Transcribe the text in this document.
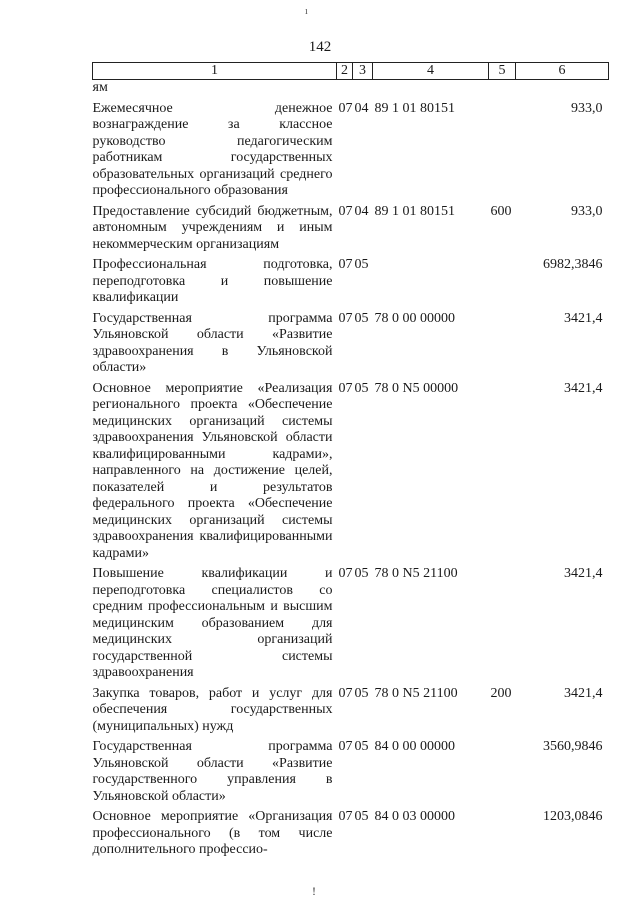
ı
142
1	2	3	4	5	6
ям					
Ежемесячное денежное вознаграждение за классное руководство педагогическим работникам государственных образовательных организаций среднего профессионального образования	07	04	89 1 01 80151		933,0
Предоставление субсидий бюджетным, автономным учреждениям и иным некоммерческим организациям	07	04	89 1 01 80151	600	933,0
Профессиональная подготовка, переподготовка и повышение квалификации	07	05			6982,3846
Государственная программа Ульяновской области «Развитие здравоохранения в Ульяновской области»	07	05	78 0 00 00000		3421,4
Основное мероприятие «Реализация регионального проекта «Обеспечение медицинских организаций системы здравоохранения Ульяновской области квалифицированными кадрами», направленного на достижение целей, показателей и результатов федерального проекта «Обеспечение медицинских организаций системы здравоохранения квалифицированными кадрами»	07	05	78 0 N5 00000		3421,4
Повышение квалификации и переподготовка специалистов со средним профессиональным и высшим медицинским образованием для медицинских организаций государственной системы здравоохранения	07	05	78 0 N5 21100		3421,4
Закупка товаров, работ и услуг для обеспечения государственных (муниципальных) нужд	07	05	78 0 N5 21100	200	3421,4
Государственная программа Ульяновской области «Развитие государственного управления в Ульяновской области»	07	05	84 0 00 00000		3560,9846
Основное мероприятие «Организация профессионального (в том числе дополнительного профессио-	07	05	84 0 03 00000		1203,0846
!
